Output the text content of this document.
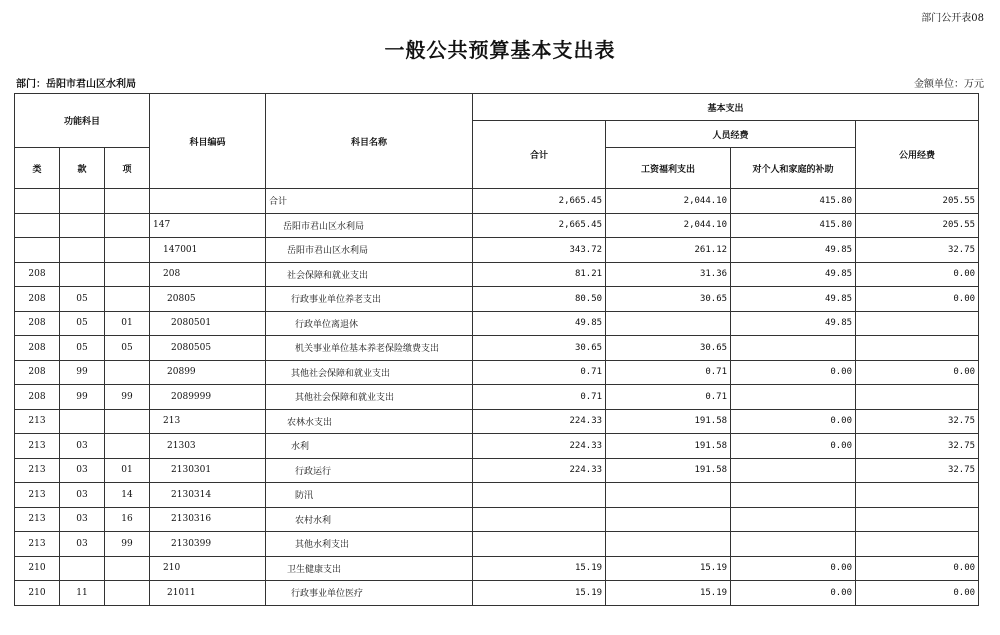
部门公开表08
一般公共预算基本支出表
部门：岳阳市君山区水利局	金额单位：万元
功能科目			科目编码	科目名称	基本支出			
					合计	人员经费		公用经费
类	款	项				工资福利支出	对个人和家庭的补助	
				合计	2,665.45	2,044.10	415.80	205.55
			147	岳阳市君山区水利局	2,665.45	2,044.10	415.80	205.55
			147001	岳阳市君山区水利局	343.72	261.12	49.85	32.75
208			208	社会保障和就业支出	81.21	31.36	49.85	0.00
208	05		20805	行政事业单位养老支出	80.50	30.65	49.85	0.00
208	05	01	2080501	行政单位离退休	49.85		49.85	
208	05	05	2080505	机关事业单位基本养老保险缴费支出	30.65	30.65		
208	99		20899	其他社会保障和就业支出	0.71	0.71	0.00	0.00
208	99	99	2089999	其他社会保障和就业支出	0.71	0.71		
213			213	农林水支出	224.33	191.58	0.00	32.75
213	03		21303	水利	224.33	191.58	0.00	32.75
213	03	01	2130301	行政运行	224.33	191.58		32.75
213	03	14	2130314	防汛				
213	03	16	2130316	农村水利				
213	03	99	2130399	其他水利支出				
210			210	卫生健康支出	15.19	15.19	0.00	0.00
210	11		21011	行政事业单位医疗	15.19	15.19	0.00	0.00
